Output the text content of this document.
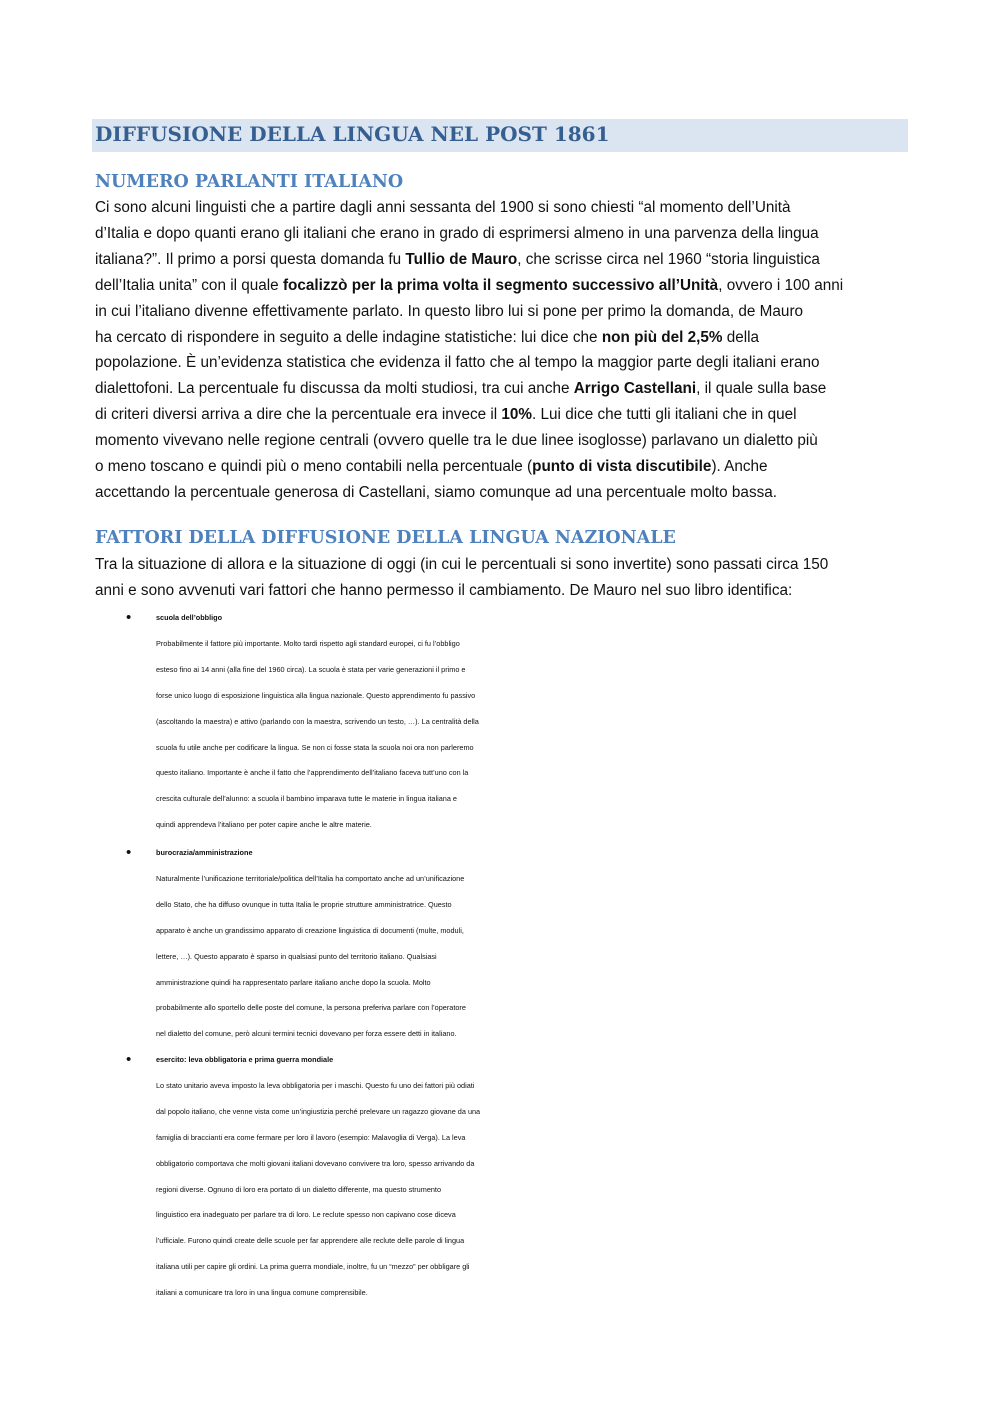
DIFFUSIONE DELLA LINGUA NEL POST 1861
NUMERO PARLANTI ITALIANO
Ci sono alcuni linguisti che a partire dagli anni sessanta del 1900 si sono chiesti “al momento dell’Unità
d’Italia e dopo quanti erano gli italiani che erano in grado di esprimersi almeno in una parvenza della lingua
italiana?”. Il primo a porsi questa domanda fu Tullio de Mauro, che scrisse circa nel 1960 “storia linguistica
dell’Italia unita” con il quale focalizzò per la prima volta il segmento successivo all’Unità, ovvero i 100 anni
in cui l’italiano divenne effettivamente parlato. In questo libro lui si pone per primo la domanda, de Mauro
ha cercato di rispondere in seguito a delle indagine statistiche: lui dice che non più del 2,5% della
popolazione. È un’evidenza statistica che evidenza il fatto che al tempo la maggior parte degli italiani erano
dialettofoni. La percentuale fu discussa da molti studiosi, tra cui anche Arrigo Castellani, il quale sulla base
di criteri diversi arriva a dire che la percentuale era invece il 10%. Lui dice che tutti gli italiani che in quel
momento vivevano nelle regione centrali (ovvero quelle tra le due linee isoglosse) parlavano un dialetto più
o meno toscano e quindi più o meno contabili nella percentuale (punto di vista discutibile). Anche
accettando la percentuale generosa di Castellani, siamo comunque ad una percentuale molto bassa.
FATTORI DELLA DIFFUSIONE DELLA LINGUA NAZIONALE
Tra la situazione di allora e la situazione di oggi (in cui le percentuali si sono invertite) sono passati circa 150
anni e sono avvenuti vari fattori che hanno permesso il cambiamento. De Mauro nel suo libro identifica:
•	scuola dell’obbligo
Probabilmente il fattore più importante. Molto tardi rispetto agli standard europei, ci fu l’obbligo
esteso fino ai 14 anni (alla fine del 1960 circa). La scuola è stata per varie generazioni il primo e
forse unico luogo di esposizione linguistica alla lingua nazionale. Questo apprendimento fu passivo
(ascoltando la maestra) e attivo (parlando con la maestra, scrivendo un testo, …). La centralità della
scuola fu utile anche per codificare la lingua. Se non ci fosse stata la scuola noi ora non parleremo
questo italiano. Importante è anche il fatto che l’apprendimento dell’italiano faceva tutt’uno con la
crescita culturale dell’alunno: a scuola il bambino imparava tutte le materie in lingua italiana e
quindi apprendeva l’italiano per poter capire anche le altre materie.
•	burocrazia/amministrazione
Naturalmente l’unificazione territoriale/politica dell’Italia ha comportato anche ad un’unificazione
dello Stato, che ha diffuso ovunque in tutta Italia le proprie strutture amministratrice. Questo
apparato è anche un grandissimo apparato di creazione linguistica di documenti (multe, moduli,
lettere, …). Questo apparato è sparso in qualsiasi punto del territorio italiano. Qualsiasi
amministrazione quindi ha rappresentato parlare italiano anche dopo la scuola. Molto
probabilmente allo sportello delle poste del comune, la persona preferiva parlare con l’operatore
nel dialetto del comune, però alcuni termini tecnici dovevano per forza essere detti in italiano.
•	esercito: leva obbligatoria e prima guerra mondiale
Lo stato unitario aveva imposto la leva obbligatoria per i maschi. Questo fu uno dei fattori più odiati
dal popolo italiano, che venne vista come un’ingiustizia perché prelevare un ragazzo giovane da una
famiglia di braccianti era come fermare per loro il lavoro (esempio: Malavoglia di Verga). La leva
obbligatorio comportava che molti giovani italiani dovevano convivere tra loro, spesso arrivando da
regioni diverse. Ognuno di loro era portato di un dialetto differente, ma questo strumento
linguistico era inadeguato per parlare tra di loro. Le reclute spesso non capivano cose diceva
l’ufficiale. Furono quindi create delle scuole per far apprendere alle reclute delle parole di lingua
italiana utili per capire gli ordini. La prima guerra mondiale, inoltre, fu un “mezzo” per obbligare gli
italiani a comunicare tra loro in una lingua comune comprensibile.
